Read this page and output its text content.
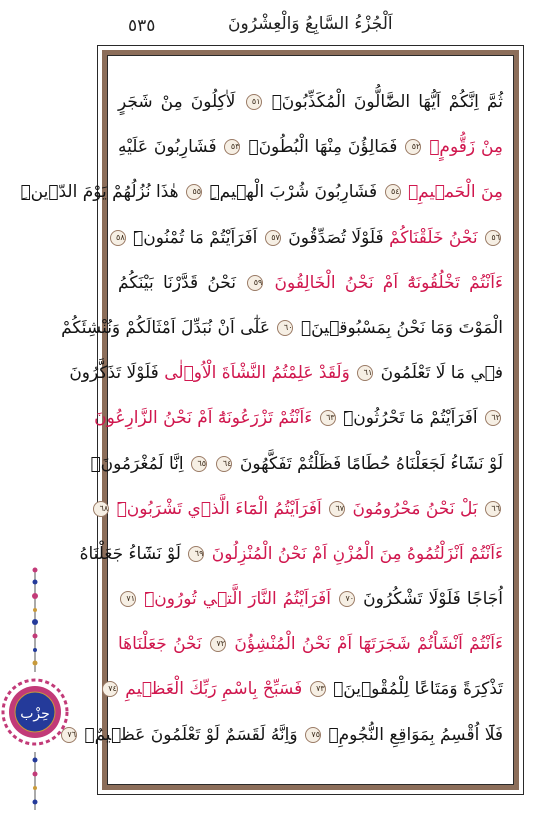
٥٣٥	اَلْجُزْءُ السَّابِعُ وَالْعِشْرُونَ
ثُمَّ اِنَّكُمْ اَيُّهَا الضَّٓالُّونَ الْمُكَذِّبُونَۙ ٥١ لَاٰكِلُونَ مِنْ شَجَرٍ
مِنْ زَقُّومٍۙ ٥٢ فَمَالِؤُنَ مِنْهَا الْبُطُونَۚ ٥٣ فَشَارِبُونَ عَلَيْهِ
مِنَ الْحَم۪يمِۚ ٥٤ فَشَارِبُونَ شُرْبَ الْه۪يمِۜ ٥٥ هٰذَا نُزُلُهُمْ يَوْمَ الدّ۪ينِۜ
٥٦ نَحْنُ خَلَقْنَاكُمْ فَلَوْلَا تُصَدِّقُونَ ٥٧ اَفَرَاَيْتُمْ مَا تُمْنُونَۜ ٥٨
ءَاَنْتُمْ تَخْلُقُونَهُٓ اَمْ نَحْنُ الْخَالِقُونَ ٥٩ نَحْنُ قَدَّرْنَا بَيْنَكُمُ
الْمَوْتَ وَمَا نَحْنُ بِمَسْبُوق۪ينَۙ ٦٠ عَلٰٓى اَنْ نُبَدِّلَ اَمْثَالَكُمْ وَنُنْشِئَكُمْ
ف۪ي مَا لَا تَعْلَمُونَ ٦١ وَلَقَدْ عَلِمْتُمُ النَّشْاَةَ الْاُو۫لٰى فَلَوْلَا تَذَكَّرُونَ
٦٢ اَفَرَاَيْتُمْ مَا تَحْرُثُونَۜ ٦٣ ءَاَنْتُمْ تَزْرَعُونَهُٓ اَمْ نَحْنُ الزَّارِعُونَ
لَوْ نَشَٓاءُ لَجَعَلْنَاهُ حُطَامًا فَظَلْتُمْ تَفَكَّهُونَ ٦٤ ٦٥ اِنَّا لَمُغْرَمُونَۙ
٦٦ بَلْ نَحْنُ مَحْرُومُونَ ٦٧ اَفَرَاَيْتُمُ الْمَٓاءَ الَّذ۪ي تَشْرَبُونَۜ ٦٨
ءَاَنْتُمْ اَنْزَلْتُمُوهُ مِنَ الْمُزْنِ اَمْ نَحْنُ الْمُنْزِلُونَ ٦٩ لَوْ نَشَٓاءُ جَعَلْنَاهُ
اُجَاجًا فَلَوْلَا تَشْكُرُونَ ٧٠ اَفَرَاَيْتُمُ النَّارَ الَّت۪ي تُورُونَۜ ٧١
ءَاَنْتُمْ اَنْشَاْتُمْ شَجَرَتَهَٓا اَمْ نَحْنُ الْمُنْشِؤُنَ ٧٢ نَحْنُ جَعَلْنَاهَا
تَذْكِرَةً وَمَتَاعًا لِلْمُقْو۪ينَۚ ٧٣ فَسَبِّحْ بِاسْمِ رَبِّكَ الْعَظ۪يمِ ٧٤
فَلَٓا اُقْسِمُ بِمَوَاقِعِ النُّجُومِۙ ٧٥ وَاِنَّهُ لَقَسَمٌ لَوْ تَعْلَمُونَ عَظ۪يمٌۙ ٧٦
حِزْب
